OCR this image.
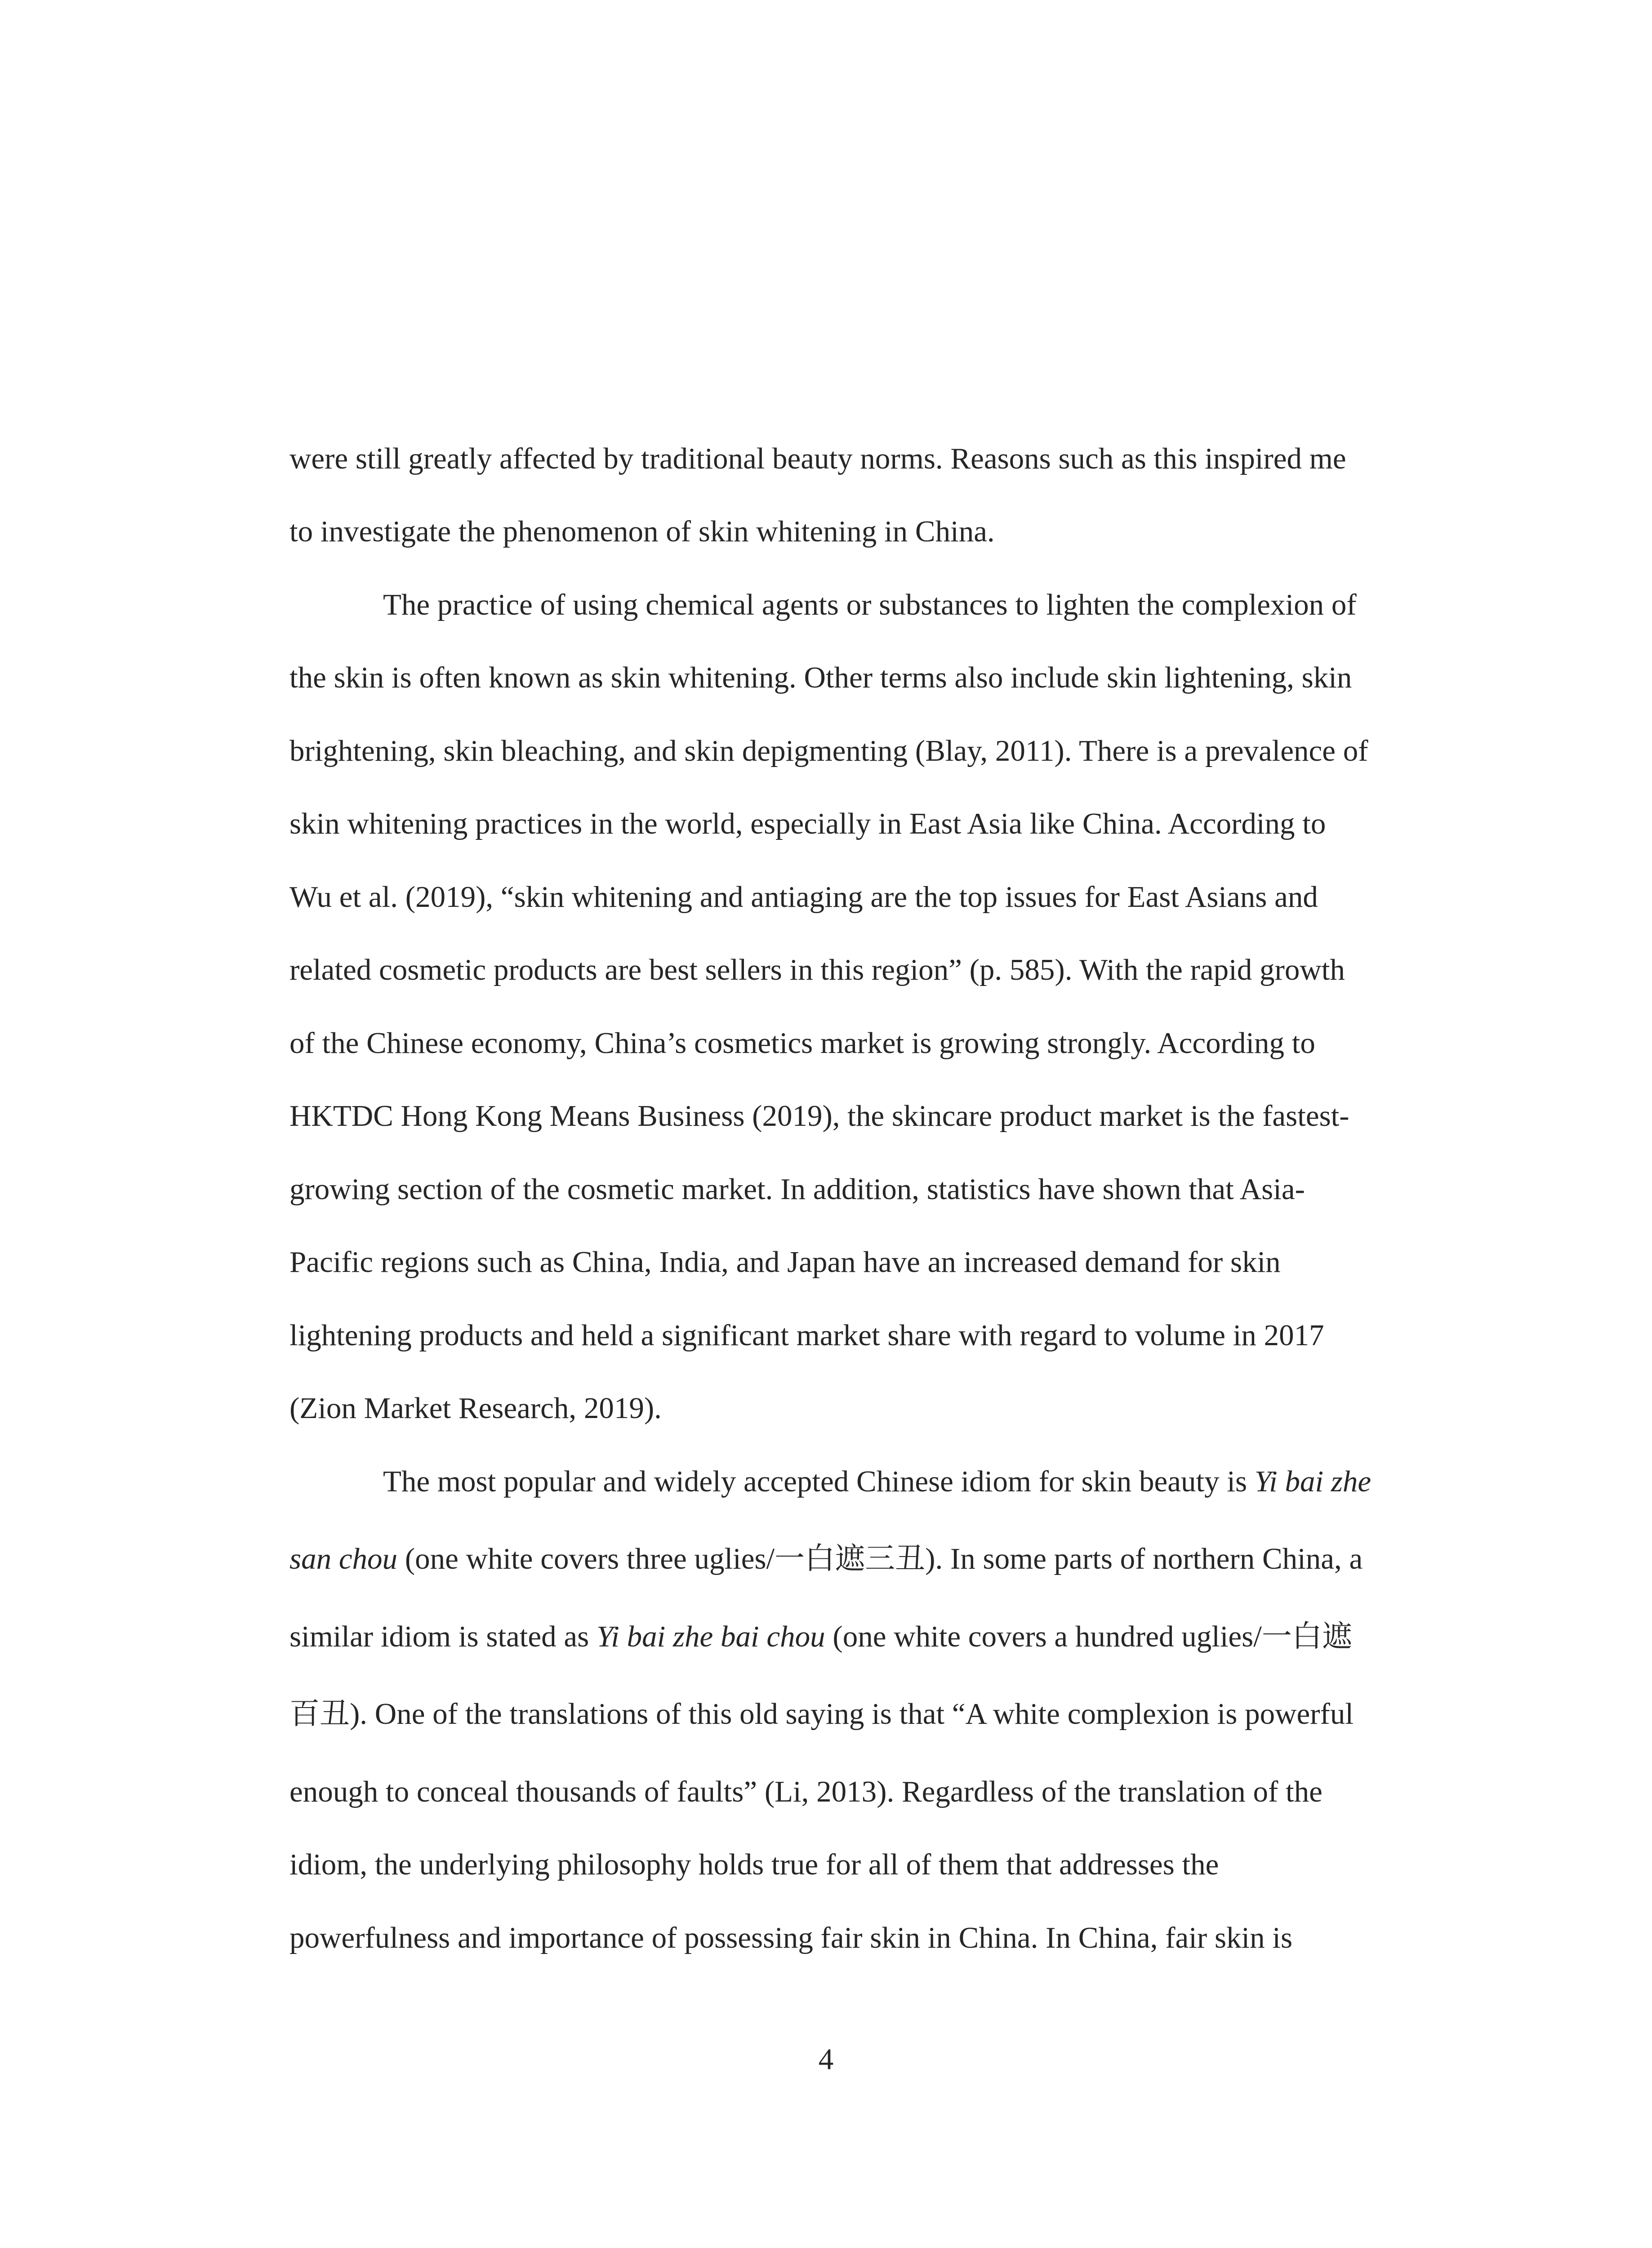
were still greatly affected by traditional beauty norms. Reasons such as this inspired me
to investigate the phenomenon of skin whitening in China.
The practice of using chemical agents or substances to lighten the complexion of
the skin is often known as skin whitening. Other terms also include skin lightening, skin
brightening, skin bleaching, and skin depigmenting (Blay, 2011). There is a prevalence of
skin whitening practices in the world, especially in East Asia like China. According to
Wu et al. (2019), “skin whitening and antiaging are the top issues for East Asians and
related cosmetic products are best sellers in this region” (p. 585). With the rapid growth
of the Chinese economy, China’s cosmetics market is growing strongly. According to
HKTDC Hong Kong Means Business (2019), the skincare product market is the fastest-
growing section of the cosmetic market. In addition, statistics have shown that Asia-
Pacific regions such as China, India, and Japan have an increased demand for skin
lightening products and held a significant market share with regard to volume in 2017
(Zion Market Research, 2019).
The most popular and widely accepted Chinese idiom for skin beauty is Yi bai zhe
san chou (one white covers three uglies/一白遮三丑). In some parts of northern China, a
similar idiom is stated as Yi bai zhe bai chou (one white covers a hundred uglies/一白遮
百丑). One of the translations of this old saying is that “A white complexion is powerful
enough to conceal thousands of faults” (Li, 2013). Regardless of the translation of the
idiom, the underlying philosophy holds true for all of them that addresses the
powerfulness and importance of possessing fair skin in China. In China, fair skin is
4
